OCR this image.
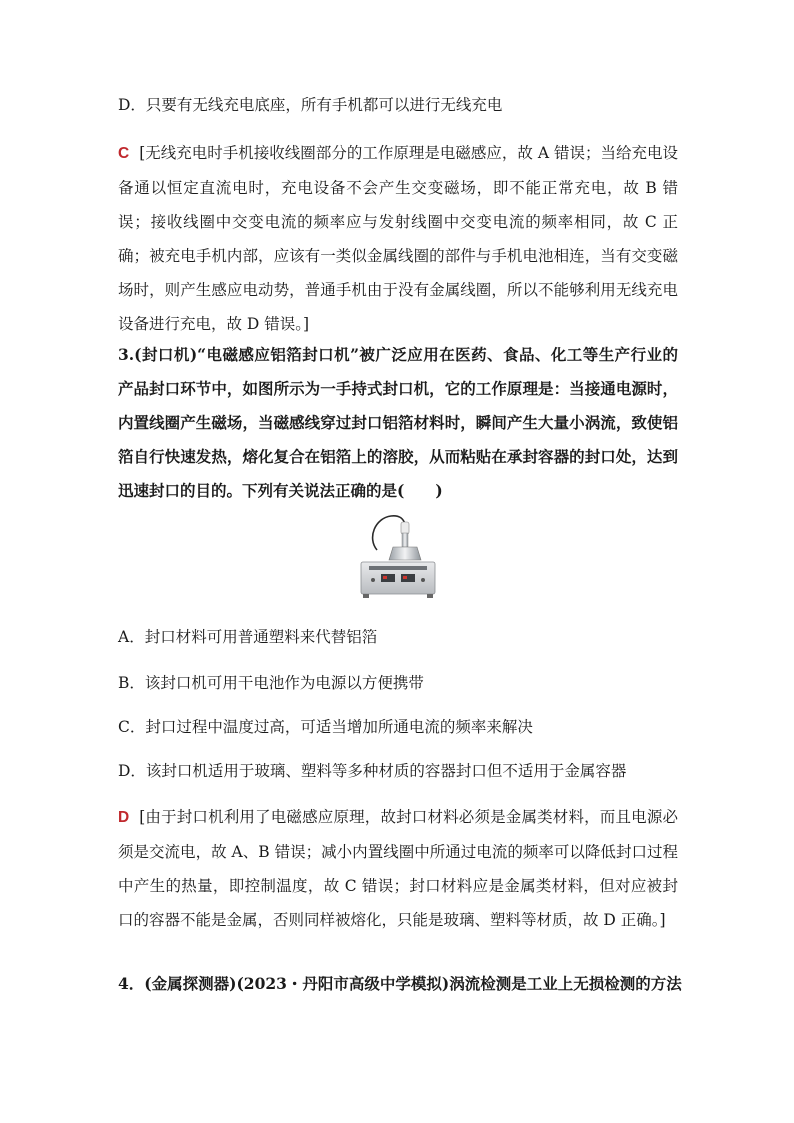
D．只要有无线充电底座，所有手机都可以进行无线充电

C [无线充电时手机接收线圈部分的工作原理是电磁感应，故 A 错误；当给充电设备通以恒定直流电时，充电设备不会产生交变磁场，即不能正常充电，故 B 错误；接收线圈中交变电流的频率应与发射线圈中交变电流的频率相同，故 C 正确；被充电手机内部，应该有一类似金属线圈的部件与手机电池相连，当有交变磁场时，则产生感应电动势，普通手机由于没有金属线圈，所以不能够利用无线充电设备进行充电，故 D 错误。]

3.(封口机)“电磁感应铝箔封口机”被广泛应用在医药、食品、化工等生产行业的产品封口环节中，如图所示为一手持式封口机，它的工作原理是：当接通电源时，内置线圈产生磁场，当磁感线穿过封口铝箔材料时，瞬间产生大量小涡流，致使铝箔自行快速发热，熔化复合在铝箔上的溶胶，从而粘贴在承封容器的封口处，达到迅速封口的目的。下列有关说法正确的是(　　)

A．封口材料可用普通塑料来代替铝箔

B．该封口机可用干电池作为电源以方便携带

C．封口过程中温度过高，可适当增加所通电流的频率来解决

D．该封口机适用于玻璃、塑料等多种材质的容器封口但不适用于金属容器

D [由于封口机利用了电磁感应原理，故封口材料必须是金属类材料，而且电源必须是交流电，故 A、B 错误；减小内置线圈中所通过电流的频率可以降低封口过程中产生的热量，即控制温度，故 C 错误；封口材料应是金属类材料，但对应被封口的容器不能是金属，否则同样被熔化，只能是玻璃、塑料等材质，故 D 正确。]

4．(金属探测器)(2023・丹阳市高级中学模拟)涡流检测是工业上无损检测的方法
